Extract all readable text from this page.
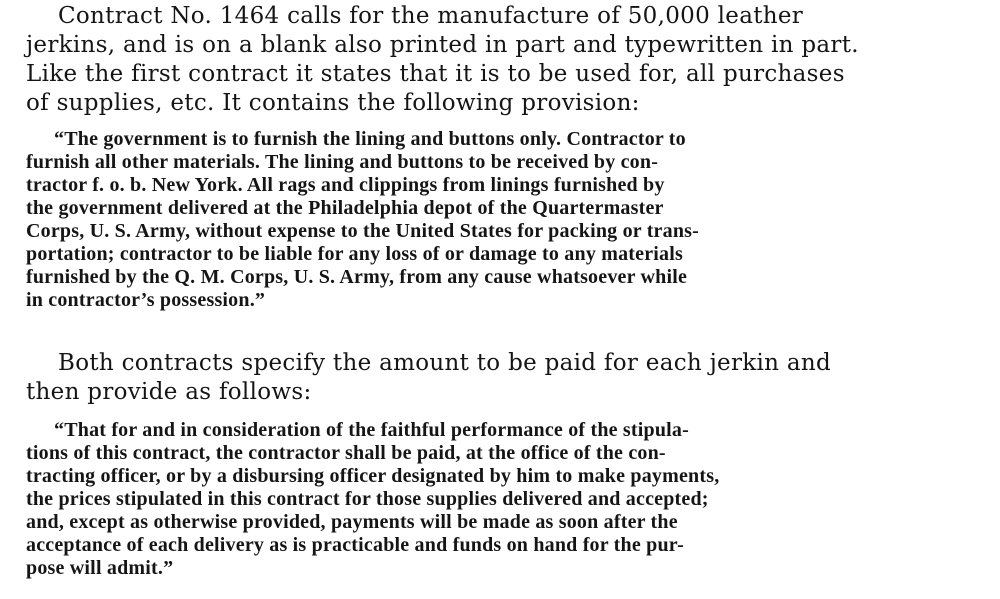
Contract No. 1464 calls for the manufacture of 50,000 leather

jerkins, and is on a blank also printed in part and typewritten in part.

Like the first contract it states that it is to be used for, all purchases

of supplies, etc. It contains the following provision:

“The government is to furnish the lining and buttons only. Contractor to

furnish all other materials. The lining and buttons to be received by con-

tractor f. o. b. New York. All rags and clippings from linings furnished by

the government delivered at the Philadelphia depot of the Quartermaster

Corps, U. S. Army, without expense to the United States for packing or trans-

portation; contractor to be liable for any loss of or damage to any materials

furnished by the Q. M. Corps, U. S. Army, from any cause whatsoever while

in contractor’s possession.”

Both contracts specify the amount to be paid for each jerkin and

then provide as follows:

“That for and in consideration of the faithful performance of the stipula-

tions of this contract, the contractor shall be paid, at the office of the con-

tracting officer, or by a disbursing officer designated by him to make payments,

the prices stipulated in this contract for those supplies delivered and accepted;

and, except as otherwise provided, payments will be made as soon after the

acceptance of each delivery as is practicable and funds on hand for the pur-

pose will admit.”
